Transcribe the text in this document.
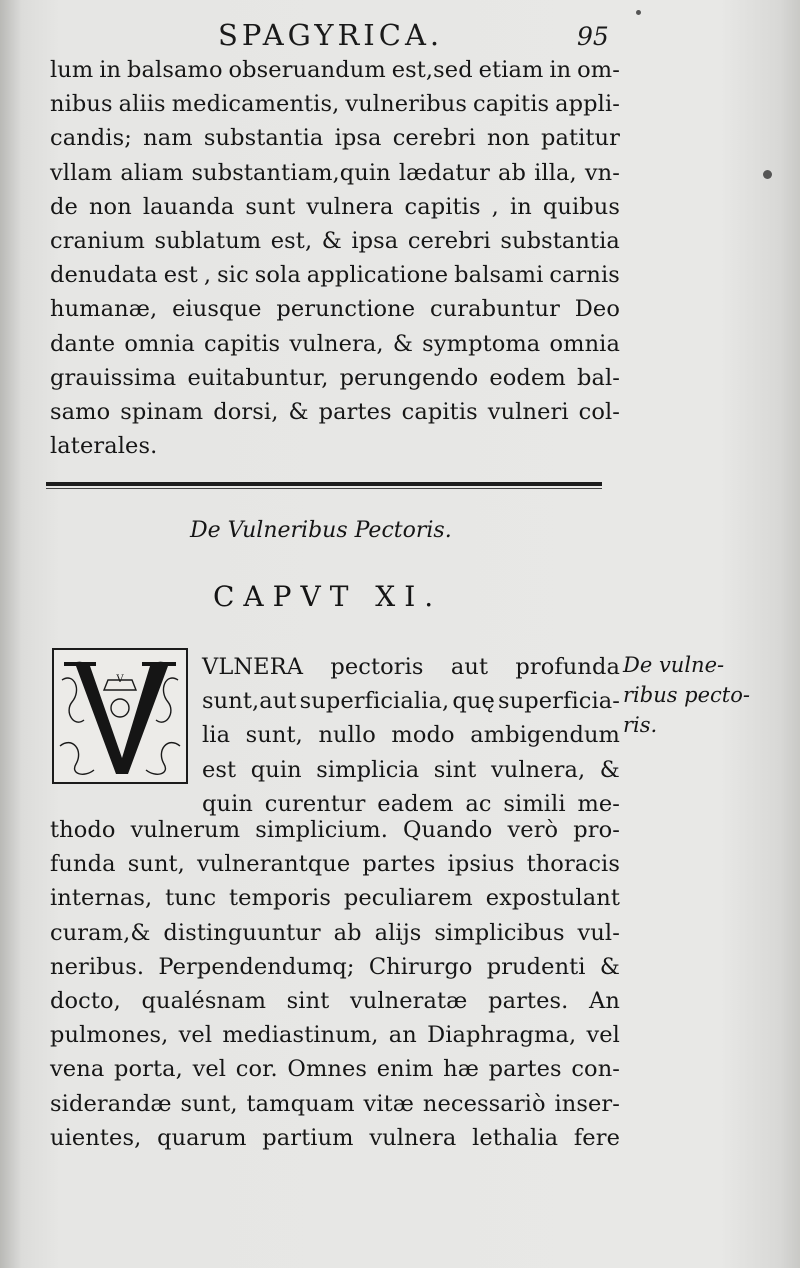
SPAGYRICA.	95
lum in balsamo obseruandum est,sed etiam in om-
nibus aliis medicamentis, vulneribus capitis appli-
candis; nam substantia ipsa cerebri non patitur
vllam aliam substantiam,quin lædatur ab illa, vn-
de non lauanda sunt vulnera capitis , in quibus
cranium sublatum est, & ipsa cerebri substantia
denudata est , sic sola applicatione balsami carnis
humanæ, eiusque perunctione curabuntur Deo
dante omnia capitis vulnera, & symptoma omnia
grauissima euitabuntur, perungendo eodem bal-
samo spinam dorsi, & partes capitis vulneri col-
laterales.
De Vulneribus Pectoris.
CAPVT XI.
V	VLNERA pectoris aut profunda
sunt,aut superficialia, quę superficia-
lia sunt, nullo modo ambigendum
est quin simplicia sint vulnera, &
quin curentur eadem ac simili me-
thodo vulnerum simplicium. Quando verò pro-
funda sunt, vulnerantque partes ipsius thoracis
internas, tunc temporis peculiarem expostulant
curam,& distinguuntur ab alijs simplicibus vul-
neribus. Perpendendumq; Chirurgo prudenti &
docto, qualésnam sint vulneratæ partes. An
pulmones, vel mediastinum, an Diaphragma, vel
vena porta, vel cor. Omnes enim hæ partes con-
siderandæ sunt, tamquam vitæ necessariò inser-
uientes, quarum partium vulnera lethalia fere
De vulne-
ribus pecto-
ris.
